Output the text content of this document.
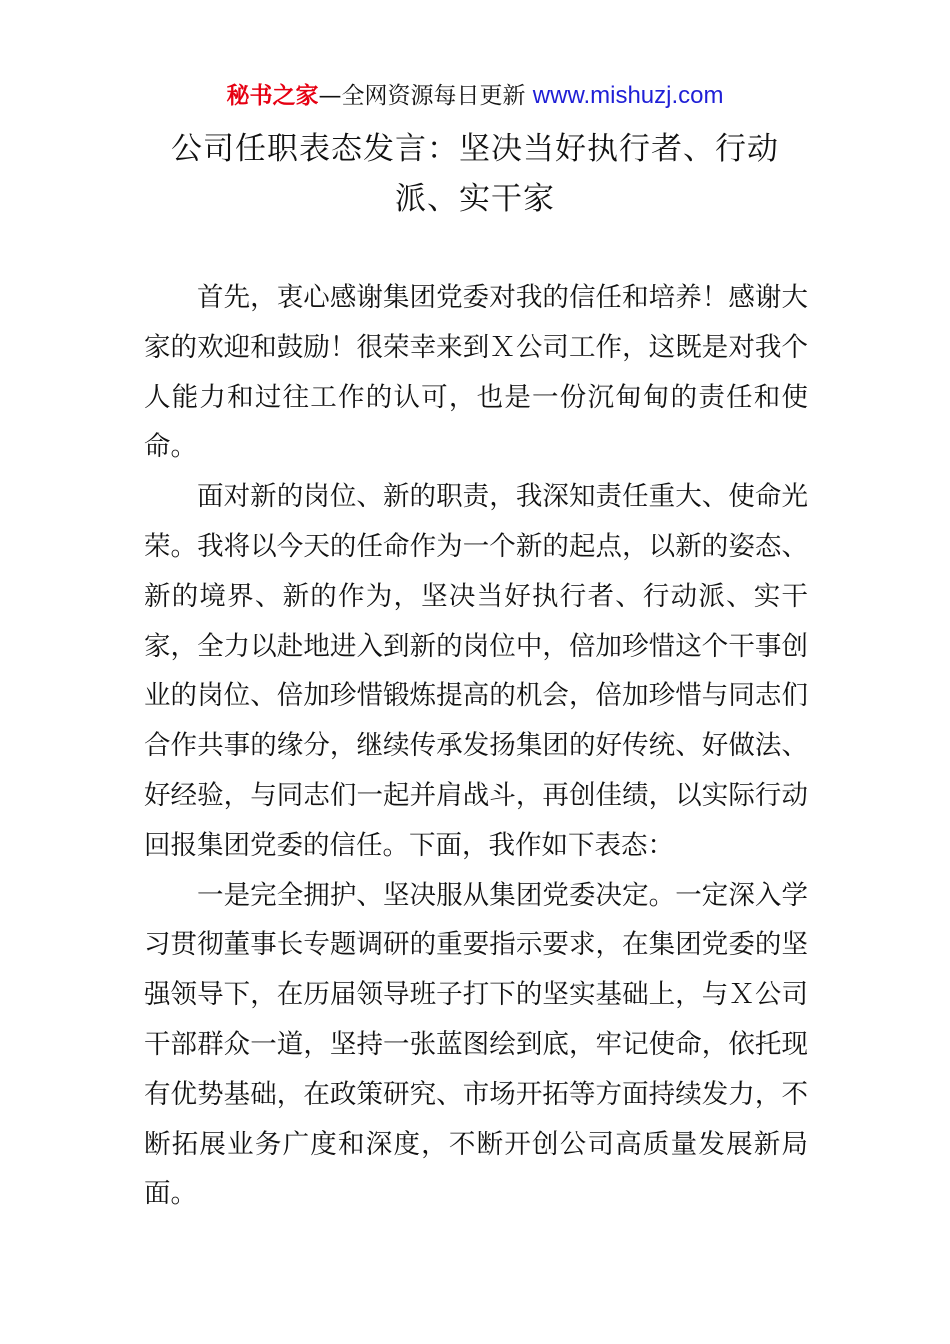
秘书之家—全网资源每日更新 www.mishuzj.com
公司任职表态发言：坚决当好执行者、行动派、实干家

首先，衷心感谢集团党委对我的信任和培养！感谢大家的欢迎和鼓励！很荣幸来到Ｘ公司工作，这既是对我个人能力和过往工作的认可，也是一份沉甸甸的责任和使命。

面对新的岗位、新的职责，我深知责任重大、使命光荣。我将以今天的任命作为一个新的起点，以新的姿态、新的境界、新的作为，坚决当好执行者、行动派、实干家，全力以赴地进入到新的岗位中，倍加珍惜这个干事创业的岗位、倍加珍惜锻炼提高的机会，倍加珍惜与同志们合作共事的缘分，继续传承发扬集团的好传统、好做法、好经验，与同志们一起并肩战斗，再创佳绩，以实际行动回报集团党委的信任。下面，我作如下表态：

一是完全拥护、坚决服从集团党委决定。一定深入学习贯彻董事长专题调研的重要指示要求，在集团党委的坚强领导下，在历届领导班子打下的坚实基础上，与Ｘ公司干部群众一道，坚持一张蓝图绘到底，牢记使命，依托现有优势基础，在政策研究、市场开拓等方面持续发力，不断拓展业务广度和深度，不断开创公司高质量发展新局面。
